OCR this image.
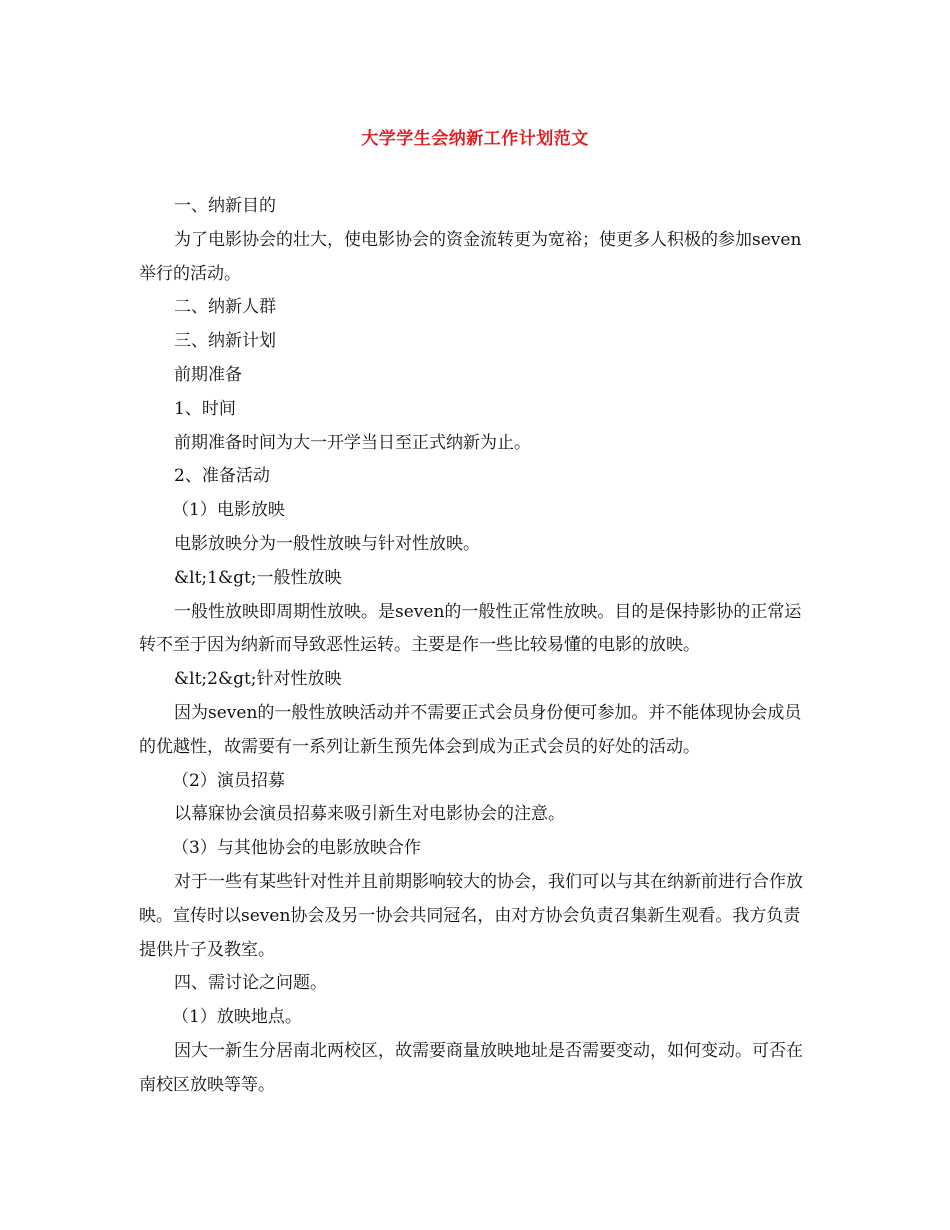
大学学生会纳新工作计划范文

一、纳新目的

为了电影协会的壮大，使电影协会的资金流转更为宽裕；使更多人积极的参加seven举行的活动。

二、纳新人群

三、纳新计划

前期准备

1、时间

前期准备时间为大一开学当日至正式纳新为止。

2、准备活动

（1）电影放映

电影放映分为一般性放映与针对性放映。

&lt;1&gt;一般性放映

一般性放映即周期性放映。是seven的一般性正常性放映。目的是保持影协的正常运转不至于因为纳新而导致恶性运转。主要是作一些比较易懂的电影的放映。

&lt;2&gt;针对性放映

因为seven的一般性放映活动并不需要正式会员身份便可参加。并不能体现协会成员的优越性，故需要有一系列让新生预先体会到成为正式会员的好处的活动。

（2）演员招募

以幕寐协会演员招募来吸引新生对电影协会的注意。

（3）与其他协会的电影放映合作

对于一些有某些针对性并且前期影响较大的协会，我们可以与其在纳新前进行合作放映。宣传时以seven协会及另一协会共同冠名，由对方协会负责召集新生观看。我方负责提供片子及教室。

四、需讨论之问题。

（1）放映地点。

因大一新生分居南北两校区，故需要商量放映地址是否需要变动，如何变动。可否在南校区放映等等。
